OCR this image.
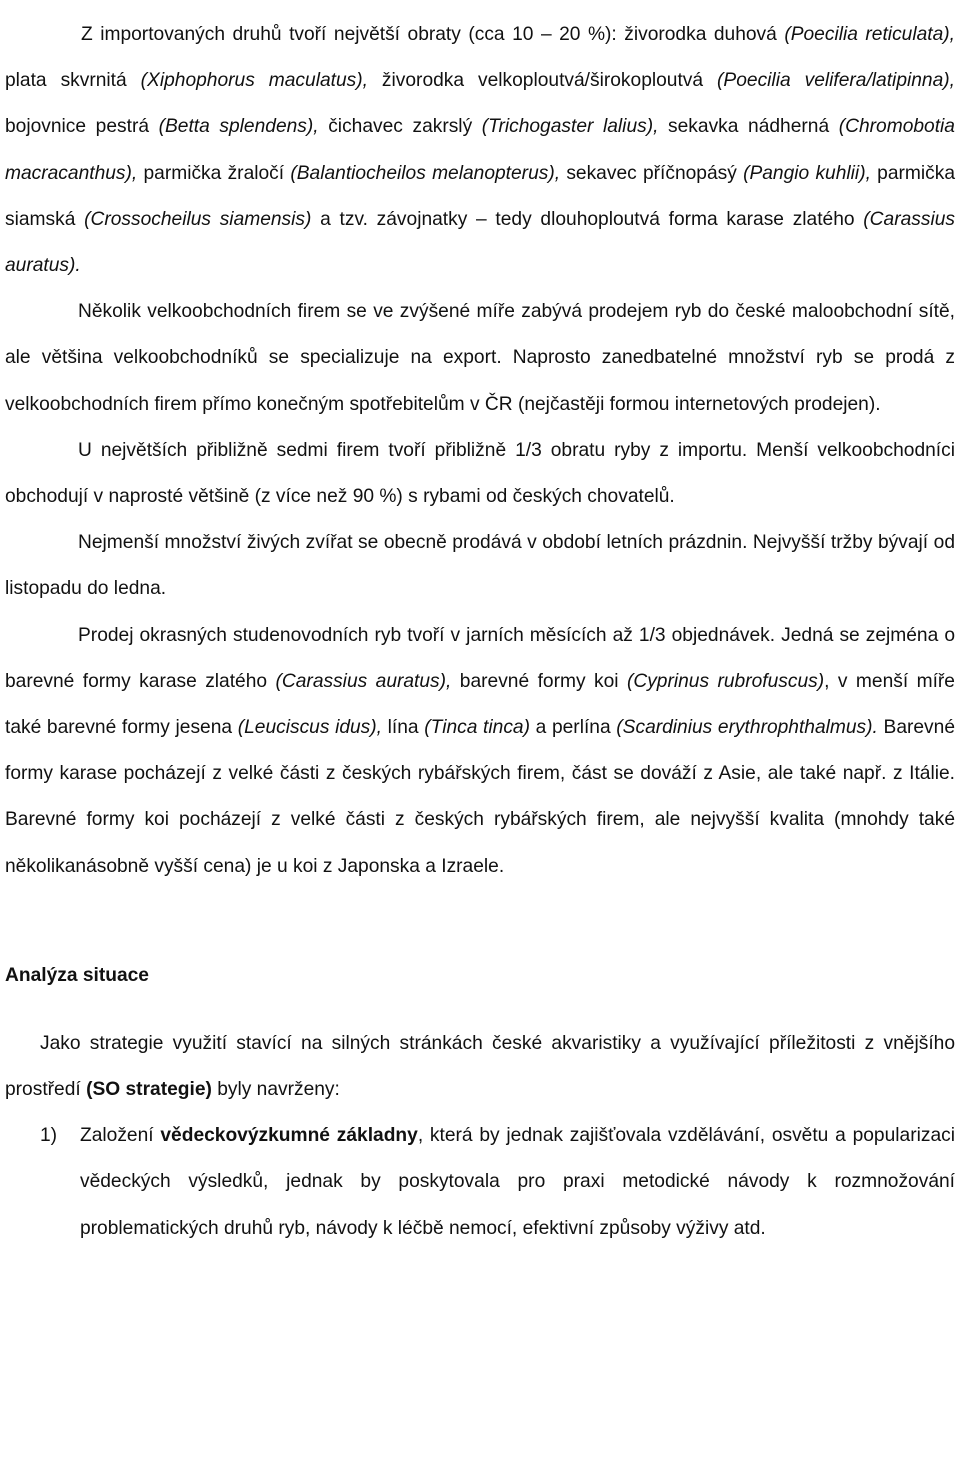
Z importovaných druhů tvoří největší obraty (cca 10 – 20 %): živorodka duhová (Poecilia reticulata), plata skvrnitá (Xiphophorus maculatus), živorodka velkoploutvá/širokoploutvá (Poecilia velifera/latipinna), bojovnice pestrá (Betta splendens), čichavec zakrslý (Trichogaster lalius), sekavka nádherná (Chromobotia macracanthus), parmička žraločí (Balantiocheilos melanopterus), sekavec příčnopásý (Pangio kuhlii), parmička siamská (Crossocheilus siamensis) a tzv. závojnatky – tedy dlouhoploutvá forma karase zlatého (Carassius auratus).

Několik velkoobchodních firem se ve zvýšené míře zabývá prodejem ryb do české maloobchodní sítě, ale většina velkoobchodníků se specializuje na export. Naprosto zanedbatelné množství ryb se prodá z velkoobchodních firem přímo konečným spotřebitelům v ČR (nejčastěji formou internetových prodejen).

U největších přibližně sedmi firem tvoří přibližně 1/3 obratu ryby z importu. Menší velkoobchodníci obchodují v naprosté většině (z více než 90 %) s rybami od českých chovatelů.

Nejmenší množství živých zvířat se obecně prodává v období letních prázdnin. Nejvyšší tržby bývají od listopadu do ledna.

Prodej okrasných studenovodních ryb tvoří v jarních měsících až 1/3 objednávek. Jedná se zejména o barevné formy karase zlatého (Carassius auratus), barevné formy koi (Cyprinus rubrofuscus), v menší míře také barevné formy jesena (Leuciscus idus), lína (Tinca tinca) a perlína (Scardinius erythrophthalmus). Barevné formy karase pocházejí z velké části z českých rybářských firem, část se dováží z Asie, ale také např. z Itálie. Barevné formy koi pocházejí z velké části z českých rybářských firem, ale nejvyšší kvalita (mnohdy také několikanásobně vyšší cena) je u koi z Japonska a Izraele.

Analýza situace

Jako strategie využití stavící na silných stránkách české akvaristiky a využívající příležitosti z vnějšího prostředí (SO strategie) byly navrženy:

1) Založení vědeckovýzkumné základny, která by jednak zajišťovala vzdělávání, osvětu a popularizaci vědeckých výsledků, jednak by poskytovala pro praxi metodické návody k rozmnožování problematických druhů ryb, návody k léčbě nemocí, efektivní způsoby výživy atd.
